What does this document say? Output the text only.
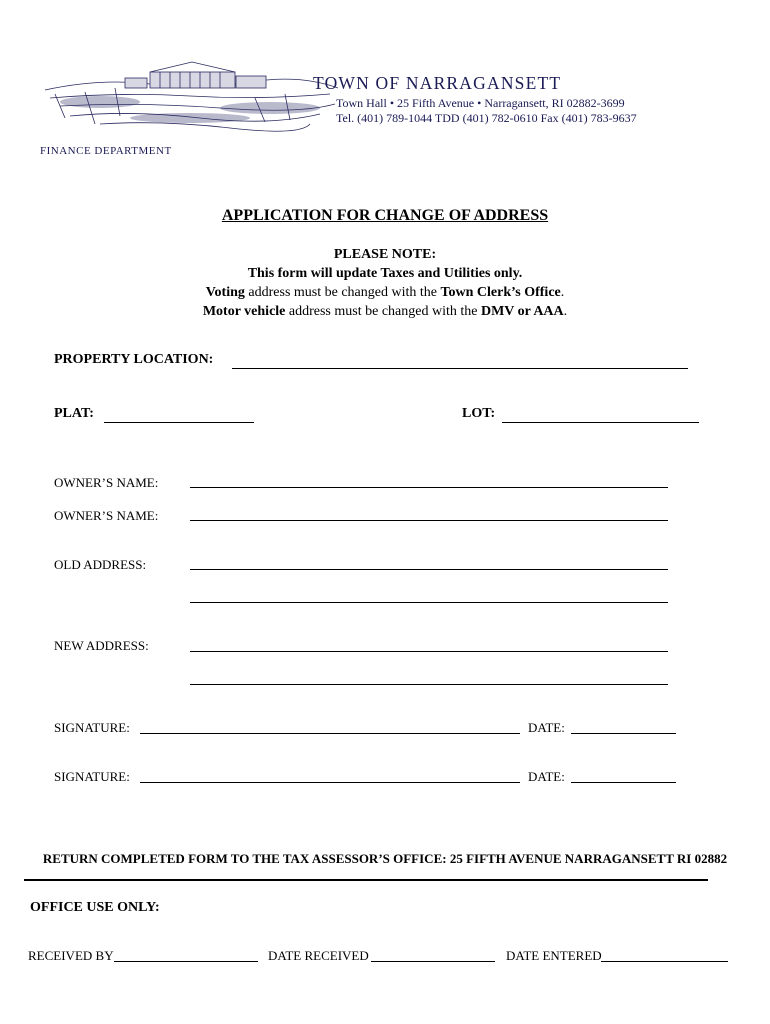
TOWN OF NARRAGANSETT
Town Hall • 25 Fifth Avenue • Narragansett, RI 02882-3699
Tel. (401) 789-1044 TDD (401) 782-0610 Fax (401) 783-9637
FINANCE DEPARTMENT
APPLICATION FOR CHANGE OF ADDRESS
PLEASE NOTE:
This form will update Taxes and Utilities only.
Voting address must be changed with the Town Clerk’s Office.
Motor vehicle address must be changed with the DMV or AAA.
PROPERTY LOCATION:
PLAT:	LOT:
OWNER’S NAME:
OWNER’S NAME:
OLD ADDRESS:
NEW ADDRESS:
SIGNATURE:	DATE:
SIGNATURE:	DATE:
RETURN COMPLETED FORM TO THE TAX ASSESSOR’S OFFICE: 25 FIFTH AVENUE NARRAGANSETT RI 02882
OFFICE USE ONLY:
RECEIVED BY	DATE RECEIVED	DATE ENTERED
